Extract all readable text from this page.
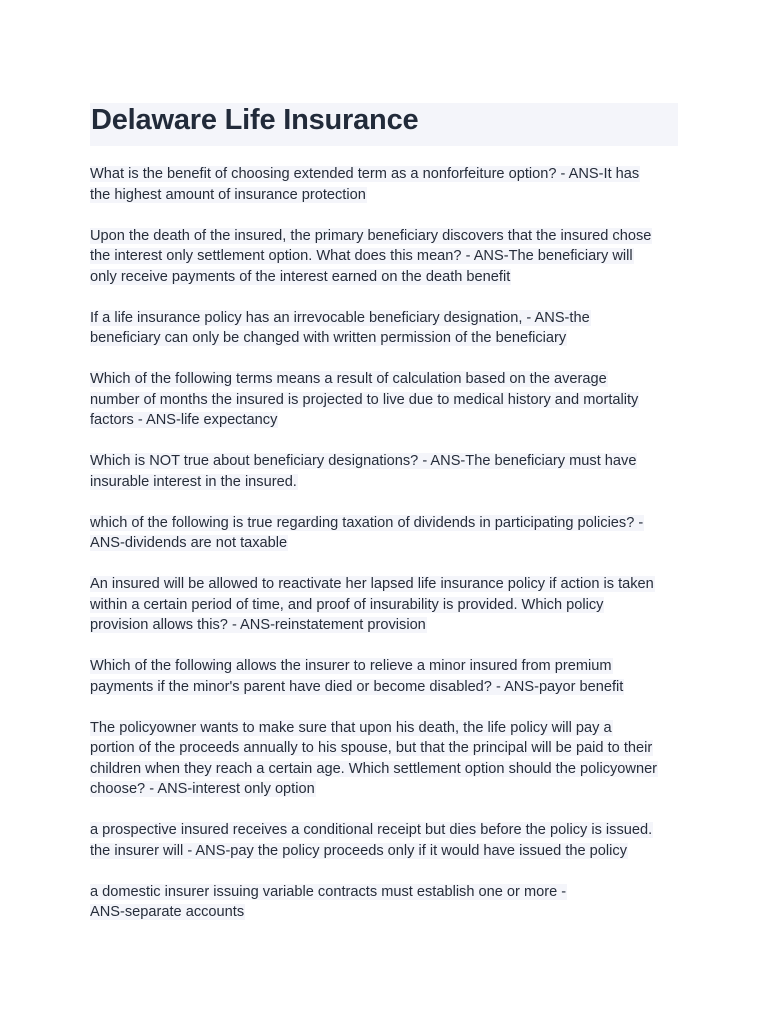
Delaware Life Insurance

What is the benefit of choosing extended term as a nonforfeiture option? - ANS-It has
the highest amount of insurance protection

Upon the death of the insured, the primary beneficiary discovers that the insured chose
the interest only settlement option. What does this mean? - ANS-The beneficiary will
only receive payments of the interest earned on the death benefit

If a life insurance policy has an irrevocable beneficiary designation, - ANS-the
beneficiary can only be changed with written permission of the beneficiary

Which of the following terms means a result of calculation based on the average
number of months the insured is projected to live due to medical history and mortality
factors - ANS-life expectancy

Which is NOT true about beneficiary designations? - ANS-The beneficiary must have
insurable interest in the insured.

which of the following is true regarding taxation of dividends in participating policies? -
ANS-dividends are not taxable

An insured will be allowed to reactivate her lapsed life insurance policy if action is taken
within a certain period of time, and proof of insurability is provided. Which policy
provision allows this? - ANS-reinstatement provision

Which of the following allows the insurer to relieve a minor insured from premium
payments if the minor's parent have died or become disabled? - ANS-payor benefit

The policyowner wants to make sure that upon his death, the life policy will pay a
portion of the proceeds annually to his spouse, but that the principal will be paid to their
children when they reach a certain age. Which settlement option should the policyowner
choose? - ANS-interest only option

a prospective insured receives a conditional receipt but dies before the policy is issued.
the insurer will - ANS-pay the policy proceeds only if it would have issued the policy

a domestic insurer issuing variable contracts must establish one or more -
ANS-separate accounts
